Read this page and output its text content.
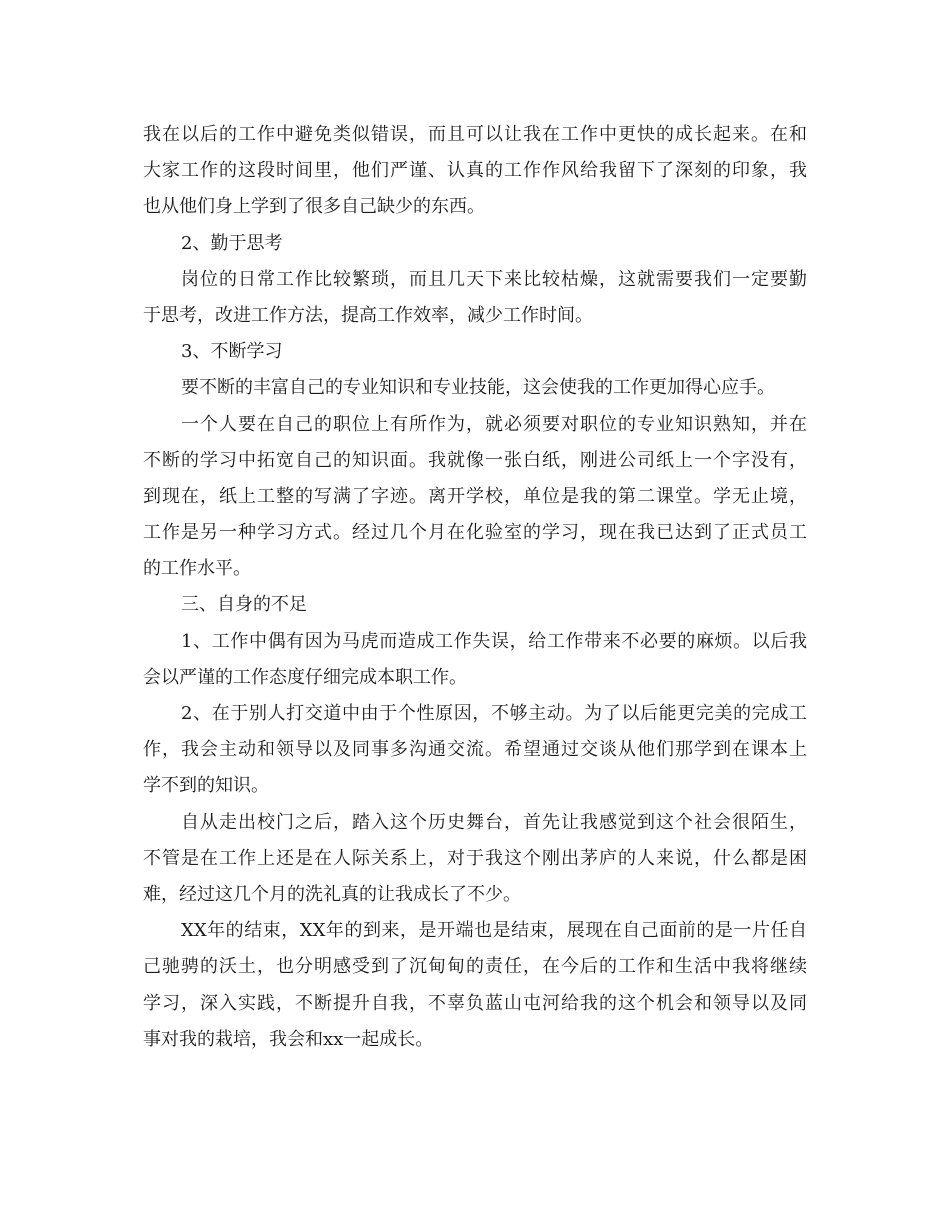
我在以后的工作中避免类似错误，而且可以让我在工作中更快的成长起来。在和
大家工作的这段时间里，他们严谨、认真的工作作风给我留下了深刻的印象，我
也从他们身上学到了很多自己缺少的东西。
2、勤于思考
岗位的日常工作比较繁琐，而且几天下来比较枯燥，这就需要我们一定要勤
于思考，改进工作方法，提高工作效率，减少工作时间。
3、不断学习
要不断的丰富自己的专业知识和专业技能，这会使我的工作更加得心应手。
一个人要在自己的职位上有所作为，就必须要对职位的专业知识熟知，并在
不断的学习中拓宽自己的知识面。我就像一张白纸，刚进公司纸上一个字没有，
到现在，纸上工整的写满了字迹。离开学校，单位是我的第二课堂。学无止境，
工作是另一种学习方式。经过几个月在化验室的学习，现在我已达到了正式员工
的工作水平。
三、自身的不足
1、工作中偶有因为马虎而造成工作失误，给工作带来不必要的麻烦。以后我
会以严谨的工作态度仔细完成本职工作。
2、在于别人打交道中由于个性原因，不够主动。为了以后能更完美的完成工
作，我会主动和领导以及同事多沟通交流。希望通过交谈从他们那学到在课本上
学不到的知识。
自从走出校门之后，踏入这个历史舞台，首先让我感觉到这个社会很陌生，
不管是在工作上还是在人际关系上，对于我这个刚出茅庐的人来说，什么都是困
难，经过这几个月的洗礼真的让我成长了不少。
XX年的结束，XX年的到来，是开端也是结束，展现在自己面前的是一片任自
己驰骋的沃土，也分明感受到了沉甸甸的责任，在今后的工作和生活中我将继续
学习，深入实践，不断提升自我，不辜负蓝山屯河给我的这个机会和领导以及同
事对我的栽培，我会和xx一起成长。
